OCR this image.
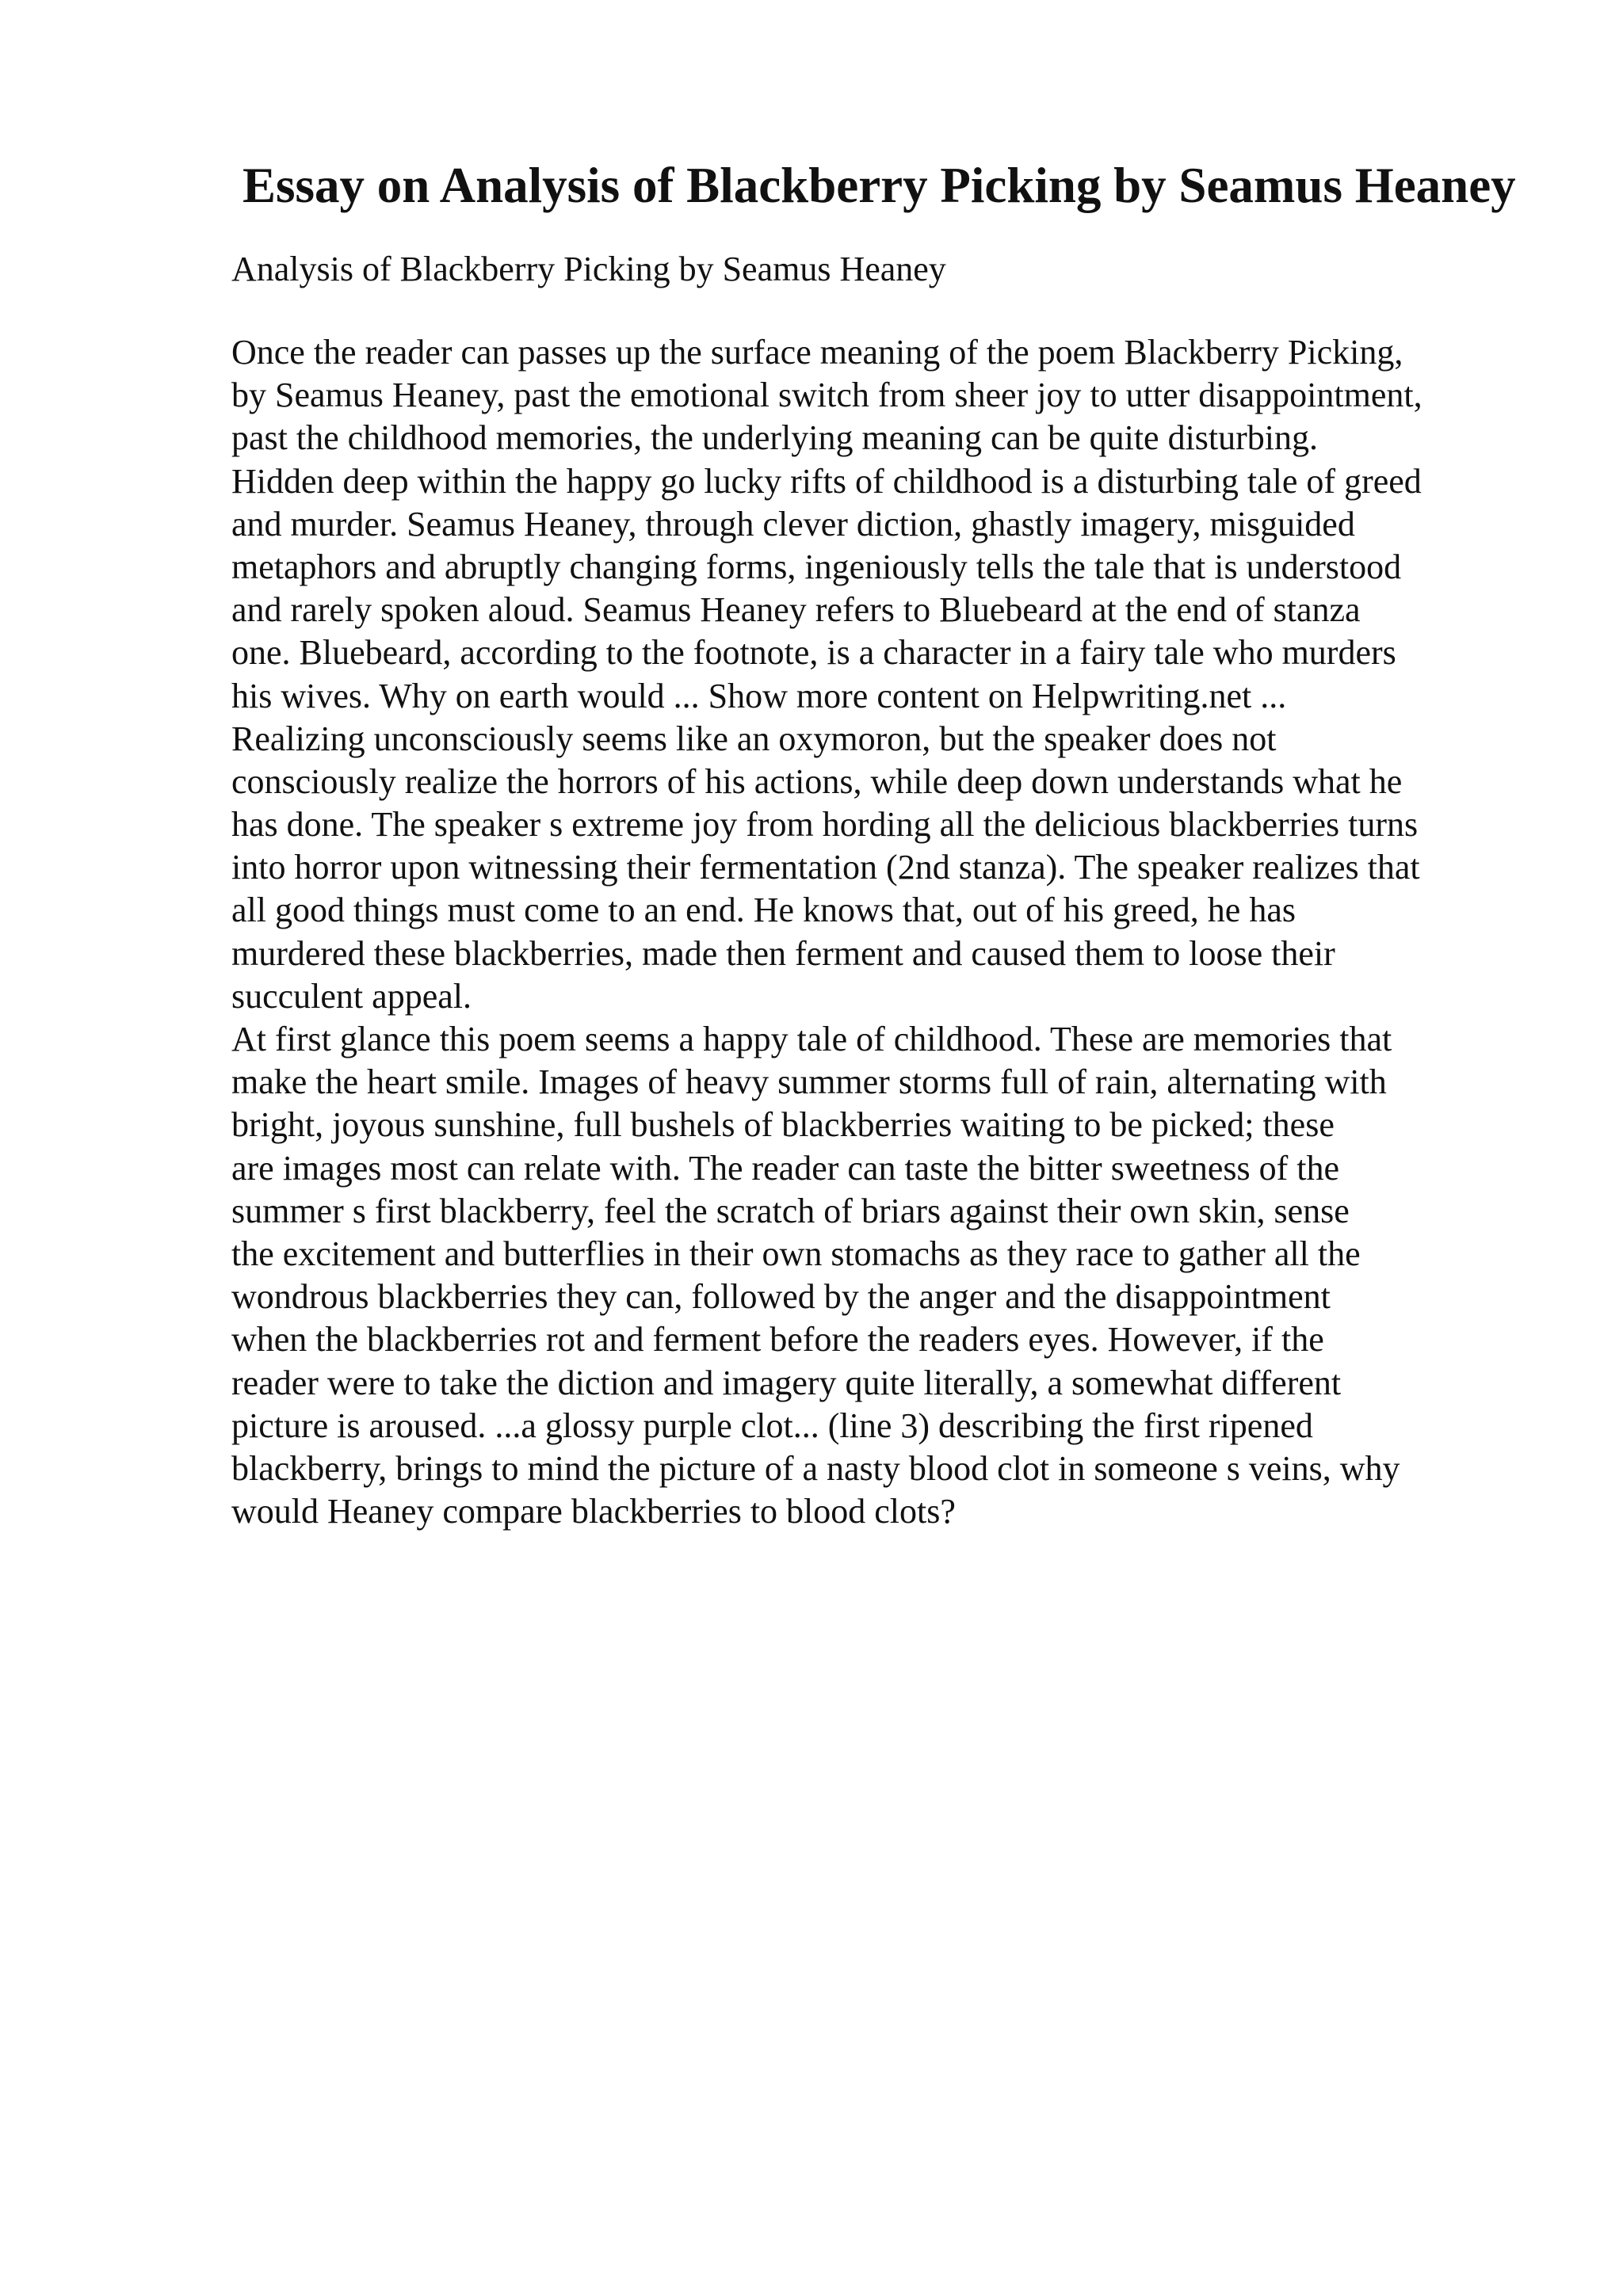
Essay on Analysis of Blackberry Picking by Seamus Heaney

Analysis of Blackberry Picking by Seamus Heaney

Once the reader can passes up the surface meaning of the poem Blackberry Picking,
by Seamus Heaney, past the emotional switch from sheer joy to utter disappointment,
past the childhood memories, the underlying meaning can be quite disturbing.
Hidden deep within the happy go lucky rifts of childhood is a disturbing tale of greed
and murder. Seamus Heaney, through clever diction, ghastly imagery, misguided
metaphors and abruptly changing forms, ingeniously tells the tale that is understood
and rarely spoken aloud. Seamus Heaney refers to Bluebeard at the end of stanza
one. Bluebeard, according to the footnote, is a character in a fairy tale who murders
his wives. Why on earth would ... Show more content on Helpwriting.net ...
Realizing unconsciously seems like an oxymoron, but the speaker does not
consciously realize the horrors of his actions, while deep down understands what he
has done. The speaker s extreme joy from hording all the delicious blackberries turns
into horror upon witnessing their fermentation (2nd stanza). The speaker realizes that
all good things must come to an end. He knows that, out of his greed, he has
murdered these blackberries, made then ferment and caused them to loose their
succulent appeal.
At first glance this poem seems a happy tale of childhood. These are memories that
make the heart smile. Images of heavy summer storms full of rain, alternating with
bright, joyous sunshine, full bushels of blackberries waiting to be picked; these
are images most can relate with. The reader can taste the bitter sweetness of the
summer s first blackberry, feel the scratch of briars against their own skin, sense
the excitement and butterflies in their own stomachs as they race to gather all the
wondrous blackberries they can, followed by the anger and the disappointment
when the blackberries rot and ferment before the readers eyes. However, if the
reader were to take the diction and imagery quite literally, a somewhat different
picture is aroused. ...a glossy purple clot... (line 3) describing the first ripened
blackberry, brings to mind the picture of a nasty blood clot in someone s veins, why
would Heaney compare blackberries to blood clots?
